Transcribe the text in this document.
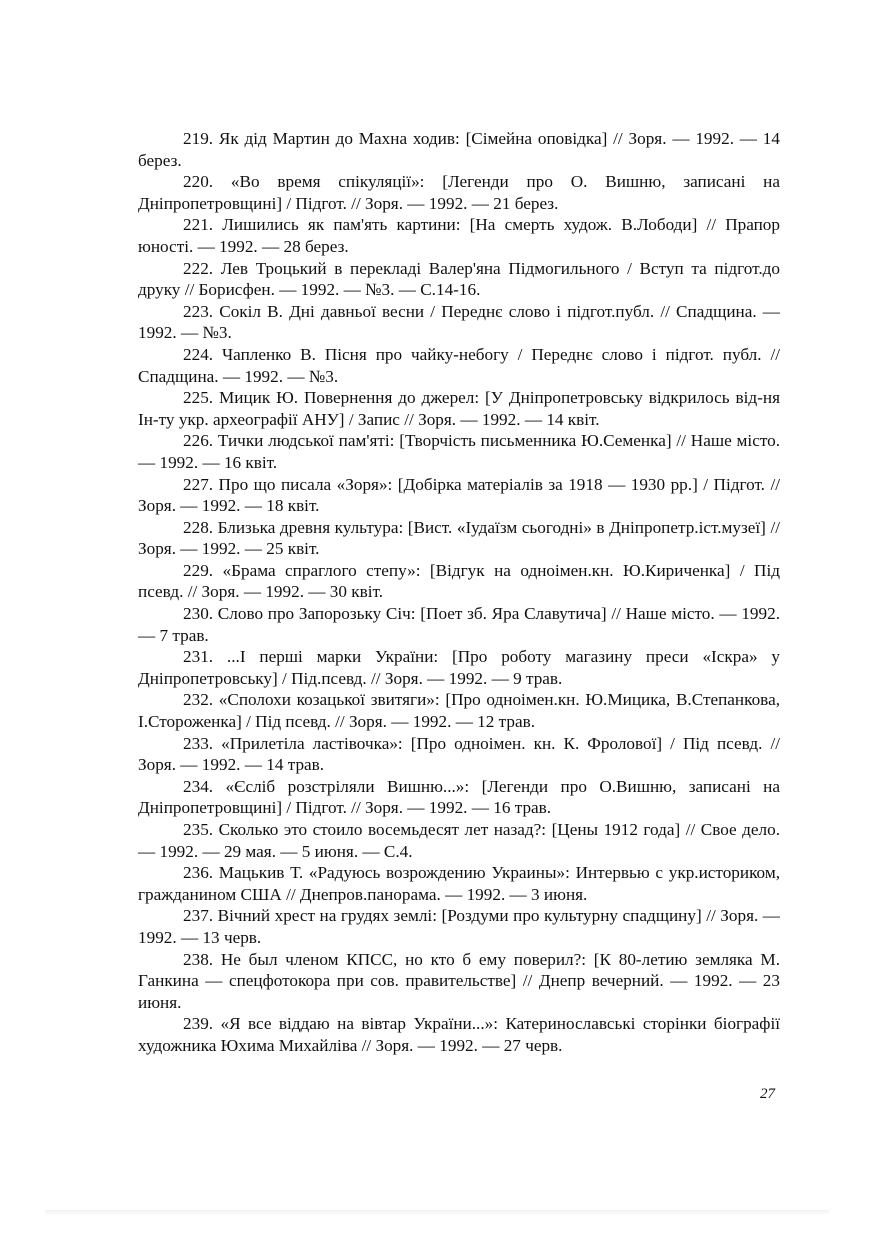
219. Як дід Мартин до Махна ходив: [Сімейна оповідка] // Зоря. — 1992. — 14 берез.

220. «Во время спікуляції»: [Легенди про О. Вишню, записані на Дніпропетровщині] / Підгот. // Зоря. — 1992. — 21 берез.

221. Лишились як пам'ять картини: [На смерть худож. В.Лободи] // Прапор юності. — 1992. — 28 берез.

222. Лев Троцький в перекладі Валер'яна Підмогильного / Вступ та підгот.до друку // Борисфен. — 1992. — №3. — С.14-16.

223. Сокіл В. Дні давньої весни / Переднє слово і підгот.публ. // Спадщина. — 1992. — №3.

224. Чапленко В. Пісня про чайку-небогу / Переднє слово і підгот. публ. // Спадщина. — 1992. — №3.

225. Мицик Ю. Повернення до джерел: [У Дніпропетровську відкрилось від-ня Ін-ту укр. археографії АНУ] / Запис // Зоря. — 1992. — 14 квіт.

226. Тички людської пам'яті: [Творчість письменника Ю.Семенка] // Наше місто. — 1992. — 16 квіт.

227. Про що писала «Зоря»: [Добірка матеріалів за 1918 — 1930 рр.] / Підгот. // Зоря. — 1992. — 18 квіт.

228. Близька древня культура: [Вист. «Іудаїзм сьогодні» в Дніпропетр.іст.музеї] // Зоря. — 1992. — 25 квіт.

229. «Брама спраглого степу»: [Відгук на одноімен.кн. Ю.Кириченка] / Під псевд. // Зоря. — 1992. — 30 квіт.

230. Слово про Запорозьку Січ: [Поет зб. Яра Славутича] // Наше місто. — 1992. — 7 трав.

231. ...І перші марки України: [Про роботу магазину преси «Іскра» у Дніпропетровську] / Під.псевд. // Зоря. — 1992. — 9 трав.

232. «Сполохи козацької звитяги»: [Про одноімен.кн. Ю.Мицика, В.Степанкова, І.Стороженка] / Під псевд. // Зоря. — 1992. — 12 трав.

233. «Прилетіла ластівочка»: [Про одноімен. кн. К. Фролової] / Під псевд. // Зоря. — 1992. — 14 трав.

234. «Єсліб розстріляли Вишню...»: [Легенди про О.Вишню, записані на Дніпропетровщині] / Підгот. // Зоря. — 1992. — 16 трав.

235. Сколько это стоило восемьдесят лет назад?: [Цены 1912 года] // Свое дело. — 1992. — 29 мая. — 5 июня. — С.4.

236. Мацькив Т. «Радуюсь возрождению Украины»: Интервью с укр.историком, гражданином США // Днепров.панорама. — 1992. — 3 июня.

237. Вічний хрест на грудях землі: [Роздуми про культурну спадщину] // Зоря. — 1992. — 13 черв.

238. Не был членом КПСС, но кто б ему поверил?: [К 80-летию земляка М. Ганкина — спецфотокора при сов. правительстве] // Днепр вечерний. — 1992. — 23 июня.

239. «Я все віддаю на вівтар України...»: Катеринославські сторінки біографії художника Юхима Михайліва // Зоря. — 1992. — 27 черв.

27
